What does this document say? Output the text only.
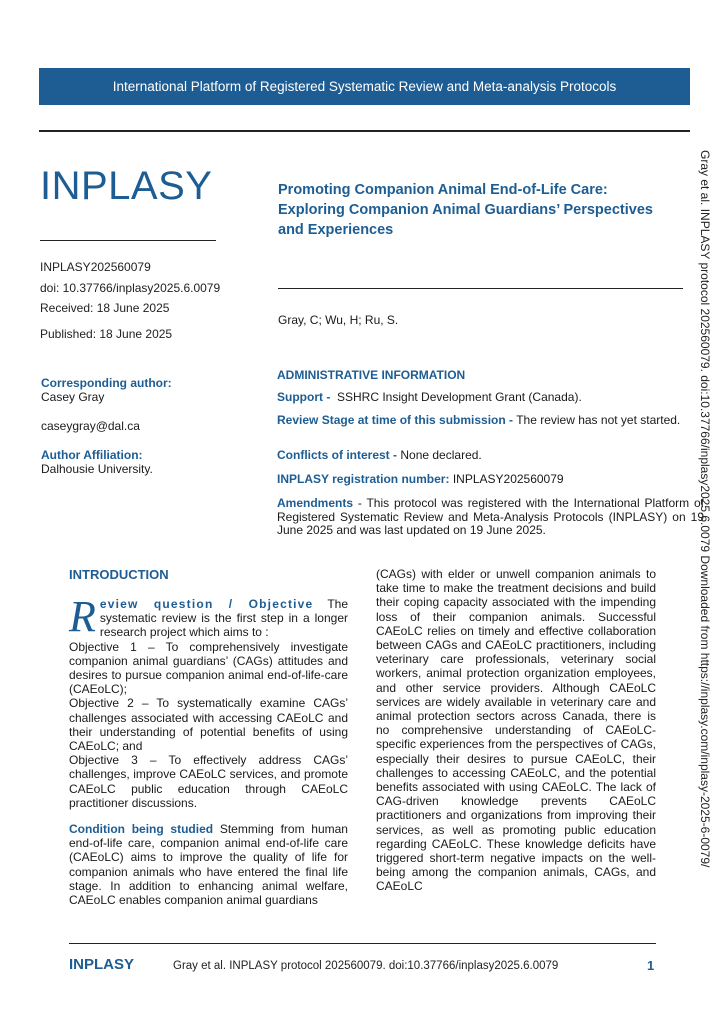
International Platform of Registered Systematic Review and Meta-analysis Protocols
INPLASY
INPLASY202560079
doi: 10.37766/inplasy2025.6.0079
Received: 18 June 2025
Published: 18 June 2025
Promoting Companion Animal End-of-Life Care: Exploring Companion Animal Guardians’ Perspectives and Experiences
Gray, C; Wu, H; Ru, S.
Corresponding author:
Casey Gray
caseygray@dal.ca
Author Affiliation:
Dalhousie University.
ADMINISTRATIVE INFORMATION
Support - SSHRC Insight Development Grant (Canada).
Review Stage at time of this submission - The review has not yet started.
Conflicts of interest - None declared.
INPLASY registration number: INPLASY202560079
Amendments - This protocol was registered with the International Platform of Registered Systematic Review and Meta-Analysis Protocols (INPLASY) on 19 June 2025 and was last updated on 19 June 2025.
INTRODUCTION

Review question / Objective The systematic review is the first step in a longer research project which aims to :

Objective 1 – To comprehensively investigate companion animal guardians’ (CAGs) attitudes and desires to pursue companion animal end-of-life-care (CAEoLC);

Objective 2 – To systematically examine CAGs’ challenges associated with accessing CAEoLC and their understanding of potential benefits of using CAEoLC; and

Objective 3 – To effectively address CAGs’ challenges, improve CAEoLC services, and promote CAEoLC public education through CAEoLC practitioner discussions.

Condition being studied Stemming from human end-of-life care, companion animal end-of-life care (CAEoLC) aims to improve the quality of life for companion animals who have entered the final life stage. In addition to enhancing animal welfare, CAEoLC enables companion animal guardians

(CAGs) with elder or unwell companion animals to take time to make the treatment decisions and build their coping capacity associated with the impending loss of their companion animals. Successful CAEoLC relies on timely and effective collaboration between CAGs and CAEoLC practitioners, including veterinary care professionals, veterinary social workers, animal protection organization employees, and other service providers. Although CAEoLC services are widely available in veterinary care and animal protection sectors across Canada, there is no comprehensive understanding of CAEoLC-specific experiences from the perspectives of CAGs, especially their desires to pursue CAEoLC, their challenges to accessing CAEoLC, and the potential benefits associated with using CAEoLC. The lack of CAG-driven knowledge prevents CAEoLC practitioners and organizations from improving their services, as well as promoting public education regarding CAEoLC. These knowledge deficits have triggered short-term negative impacts on the well-being among the companion animals, CAGs, and CAEoLC
Gray et al. INPLASY protocol 202560079. doi:10.37766/inplasy2025.6.0079 Downloaded from https://inplasy.com/inplasy-2025-6-0079/
INPLASY	Gray et al. INPLASY protocol 202560079. doi:10.37766/inplasy2025.6.0079	1
